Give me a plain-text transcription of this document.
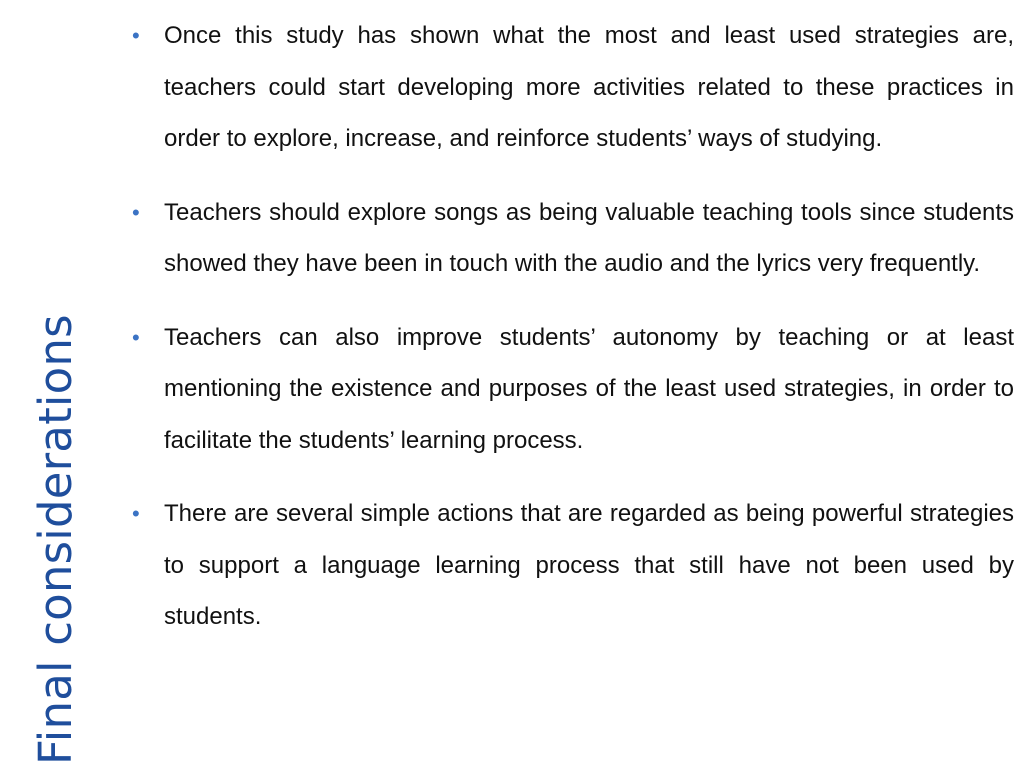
Final considerations
• Once this study has shown what the most and least used strategies are, teachers could start developing more activities related to these practices in order to explore, increase, and reinforce students’ ways of studying.
• Teachers should explore songs as being valuable teaching tools since students showed they have been in touch with the audio and the lyrics very frequently.
• Teachers can also improve students’ autonomy by teaching or at least mentioning the existence and purposes of the least used strategies, in order to facilitate the students’ learning process.
• There are several simple actions that are regarded as being powerful strategies to support a language learning process that still have not been used by students.
